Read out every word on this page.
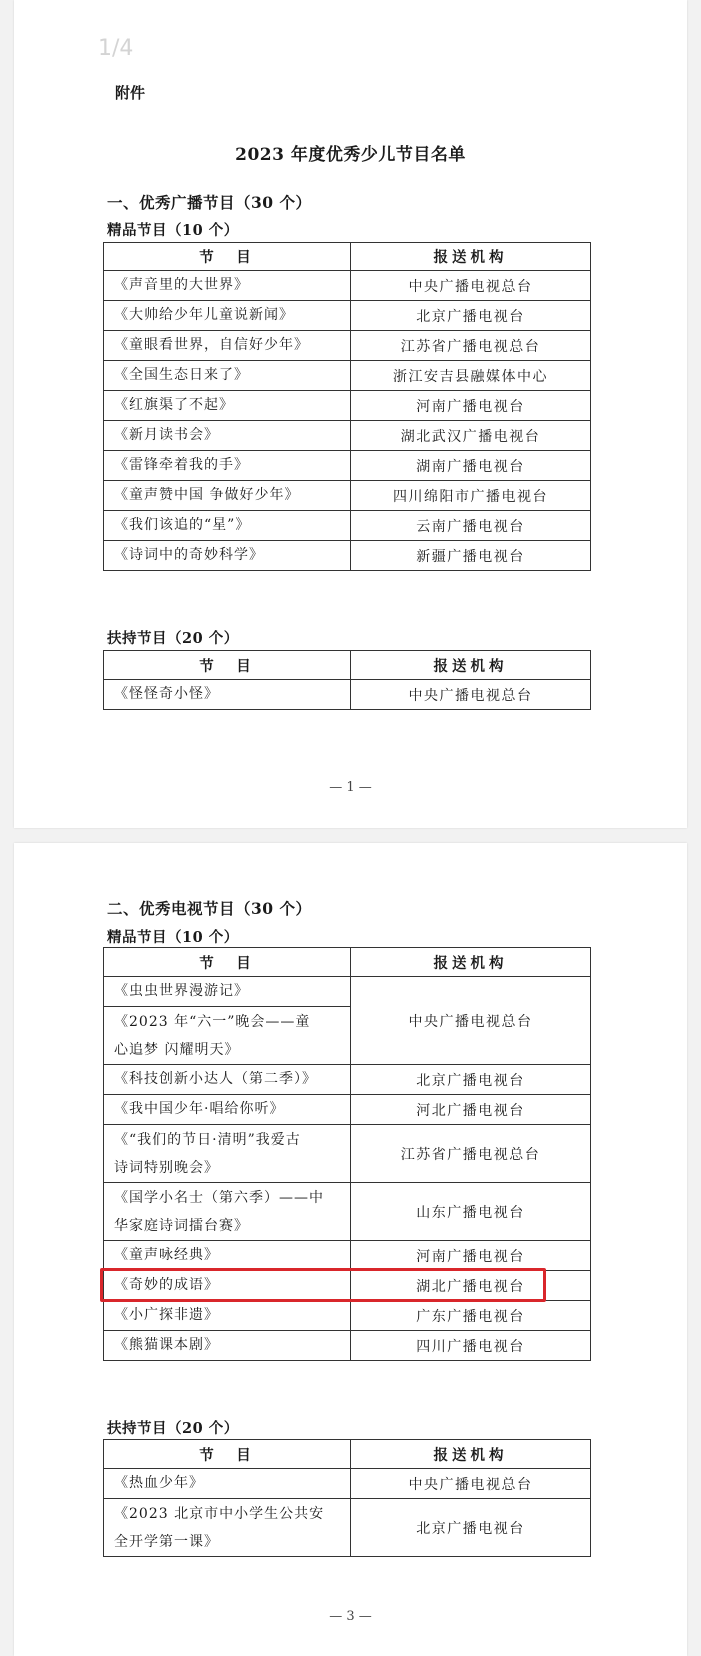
1/4
附件
2023 年度优秀少儿节目名单
一、优秀广播节目（30 个）
精品节目（10 个）
节　目	报送机构
《声音里的大世界》	中央广播电视总台
《大帅给少年儿童说新闻》	北京广播电视台
《童眼看世界，自信好少年》	江苏省广播电视总台
《全国生态日来了》	浙江安吉县融媒体中心
《红旗渠了不起》	河南广播电视台
《新月读书会》	湖北武汉广播电视台
《雷锋牵着我的手》	湖南广播电视台
《童声赞中国 争做好少年》	四川绵阳市广播电视台
《我们该追的“星”》	云南广播电视台
《诗词中的奇妙科学》	新疆广播电视台
扶持节目（20 个）
节　目	报送机构
《怪怪奇小怪》	中央广播电视总台
— 1 —
二、优秀电视节目（30 个）
精品节目（10 个）
节　目	报送机构
《虫虫世界漫游记》	中央广播电视总台

《2023 年“六一”晚会——童
心追梦 闪耀明天》	

《科技创新小达人（第二季）》	北京广播电视台
《我中国少年·唱给你听》	河北广播电视台

《“我们的节日·清明”我爱古
诗词特别晚会》	江苏省广播电视总台

《国学小名士（第六季）——中
华家庭诗词擂台赛》	山东广播电视台
《童声咏经典》	河南广播电视台
《奇妙的成语》	湖北广播电视台
《小广探非遗》	广东广播电视台
《熊猫课本剧》	四川广播电视台
扶持节目（20 个）
节　目	报送机构
《热血少年》	中央广播电视总台

《2023 北京市中小学生公共安
全开学第一课》	北京广播电视台
— 3 —
